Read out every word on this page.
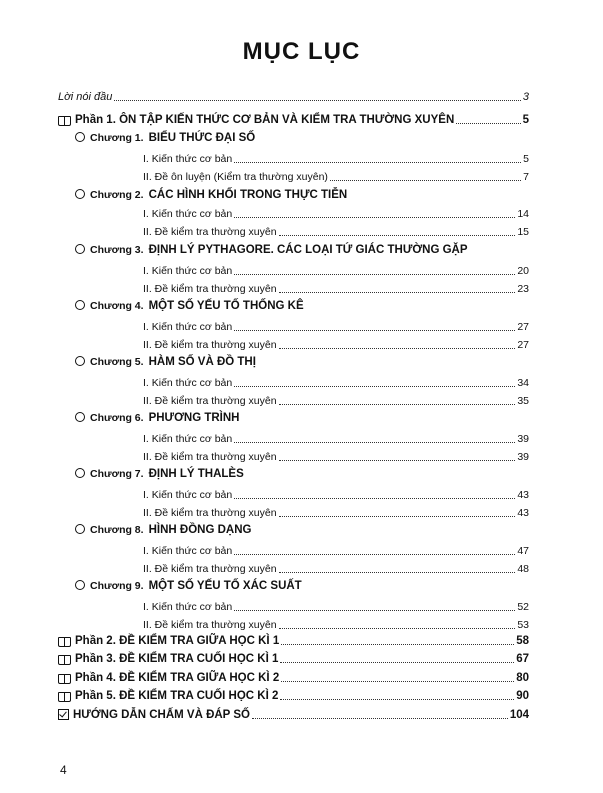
MỤC LỤC
Lời nói đầu	3
Phần 1. ÔN TẬP KIẾN THỨC CƠ BẢN VÀ KIỂM TRA THƯỜNG XUYÊN	5
Chương 1. BIỂU THỨC ĐẠI SỐ
I. Kiến thức cơ bản	5
II. Đề ôn luyện (Kiểm tra thường xuyên)	7
Chương 2. CÁC HÌNH KHỐI TRONG THỰC TIỄN
I. Kiến thức cơ bản	14
II. Đề kiểm tra thường xuyên	15
Chương 3. ĐỊNH LÝ PYTHAGORE. CÁC LOẠI TỨ GIÁC THƯỜNG GẶP
I. Kiến thức cơ bản	20
II. Đề kiểm tra thường xuyên	23
Chương 4. MỘT SỐ YẾU TỐ THỐNG KÊ
I. Kiến thức cơ bản	27
II. Đề kiểm tra thường xuyên	27
Chương 5. HÀM SỐ VÀ ĐỒ THỊ
I. Kiến thức cơ bản	34
II. Đề kiểm tra thường xuyên	35
Chương 6. PHƯƠNG TRÌNH
I. Kiến thức cơ bản	39
II. Đề kiểm tra thường xuyên	39
Chương 7. ĐỊNH LÝ THALÈS
I. Kiến thức cơ bản	43
II. Đề kiểm tra thường xuyên	43
Chương 8. HÌNH ĐỒNG DẠNG
I. Kiến thức cơ bản	47
II. Đề kiểm tra thường xuyên	48
Chương 9. MỘT SỐ YẾU TỐ XÁC SUẤT
I. Kiến thức cơ bản	52
II. Đề kiểm tra thường xuyên	53
Phần 2. ĐỀ KIỂM TRA GIỮA HỌC KÌ 1	58
Phần 3. ĐỀ KIỂM TRA CUỐI HỌC KÌ 1	67
Phần 4. ĐỀ KIỂM TRA GIỮA HỌC KÌ 2	80
Phần 5. ĐỀ KIỂM TRA CUỐI HỌC KÌ 2	90
HƯỚNG DẪN CHẤM VÀ ĐÁP SỐ	104
4
